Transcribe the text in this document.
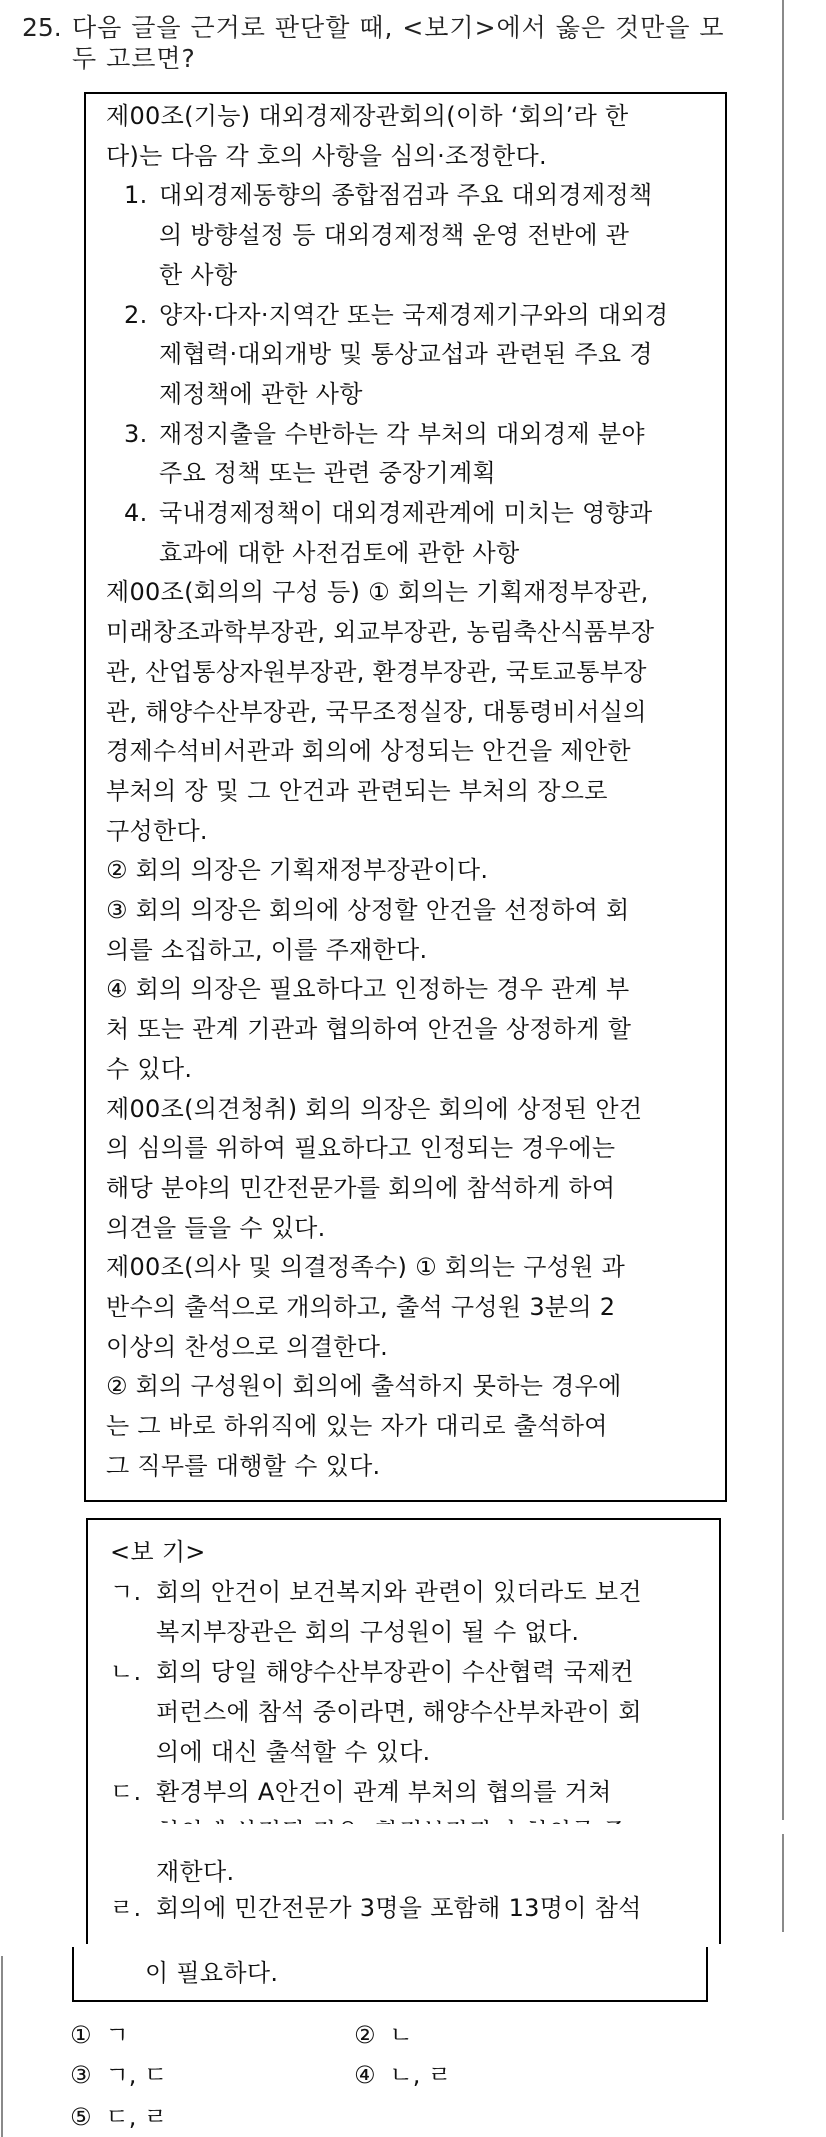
25. 다음 글을 근거로 판단할 때, <보기>에서 옳은 것만을 모
두 고르면?
제00조(기능) 대외경제장관회의(이하 ‘회의’라 한
다)는 다음 각 호의 사항을 심의·조정한다.
1. 대외경제동향의 종합점검과 주요 대외경제정책
의 방향설정 등 대외경제정책 운영 전반에 관
한 사항
2. 양자·다자·지역간 또는 국제경제기구와의 대외경
제협력·대외개방 및 통상교섭과 관련된 주요 경
제정책에 관한 사항
3. 재정지출을 수반하는 각 부처의 대외경제 분야
주요 정책 또는 관련 중장기계획
4. 국내경제정책이 대외경제관계에 미치는 영향과
효과에 대한 사전검토에 관한 사항
제00조(회의의 구성 등) ① 회의는 기획재정부장관,
미래창조과학부장관, 외교부장관, 농림축산식품부장
관, 산업통상자원부장관, 환경부장관, 국토교통부장
관, 해양수산부장관, 국무조정실장, 대통령비서실의
경제수석비서관과 회의에 상정되는 안건을 제안한
부처의 장 및 그 안건과 관련되는 부처의 장으로
구성한다.
② 회의 의장은 기획재정부장관이다.
③ 회의 의장은 회의에 상정할 안건을 선정하여 회
의를 소집하고, 이를 주재한다.
④ 회의 의장은 필요하다고 인정하는 경우 관계 부
처 또는 관계 기관과 협의하여 안건을 상정하게 할
수 있다.
제00조(의견청취) 회의 의장은 회의에 상정된 안건
의 심의를 위하여 필요하다고 인정되는 경우에는
해당 분야의 민간전문가를 회의에 참석하게 하여
의견을 들을 수 있다.
제00조(의사 및 의결정족수) ① 회의는 구성원 과
반수의 출석으로 개의하고, 출석 구성원 3분의 2
이상의 찬성으로 의결한다.
② 회의 구성원이 회의에 출석하지 못하는 경우에
는 그 바로 하위직에 있는 자가 대리로 출석하여
그 직무를 대행할 수 있다.
<보 기>
ㄱ. 회의 안건이 보건복지와 관련이 있더라도 보건
복지부장관은 회의 구성원이 될 수 없다.
ㄴ. 회의 당일 해양수산부장관이 수산협력 국제컨
퍼런스에 참석 중이라면, 해양수산부차관이 회
의에 대신 출석할 수 있다.
ㄷ. 환경부의 A안건이 관계 부처의 협의를 거쳐
재한다.
ㄹ. 회의에 민간전문가 3명을 포함해 13명이 참석
이 필요하다.
① ㄱ	② ㄴ
③ ㄱ, ㄷ	④ ㄴ, ㄹ
⑤ ㄷ, ㄹ
